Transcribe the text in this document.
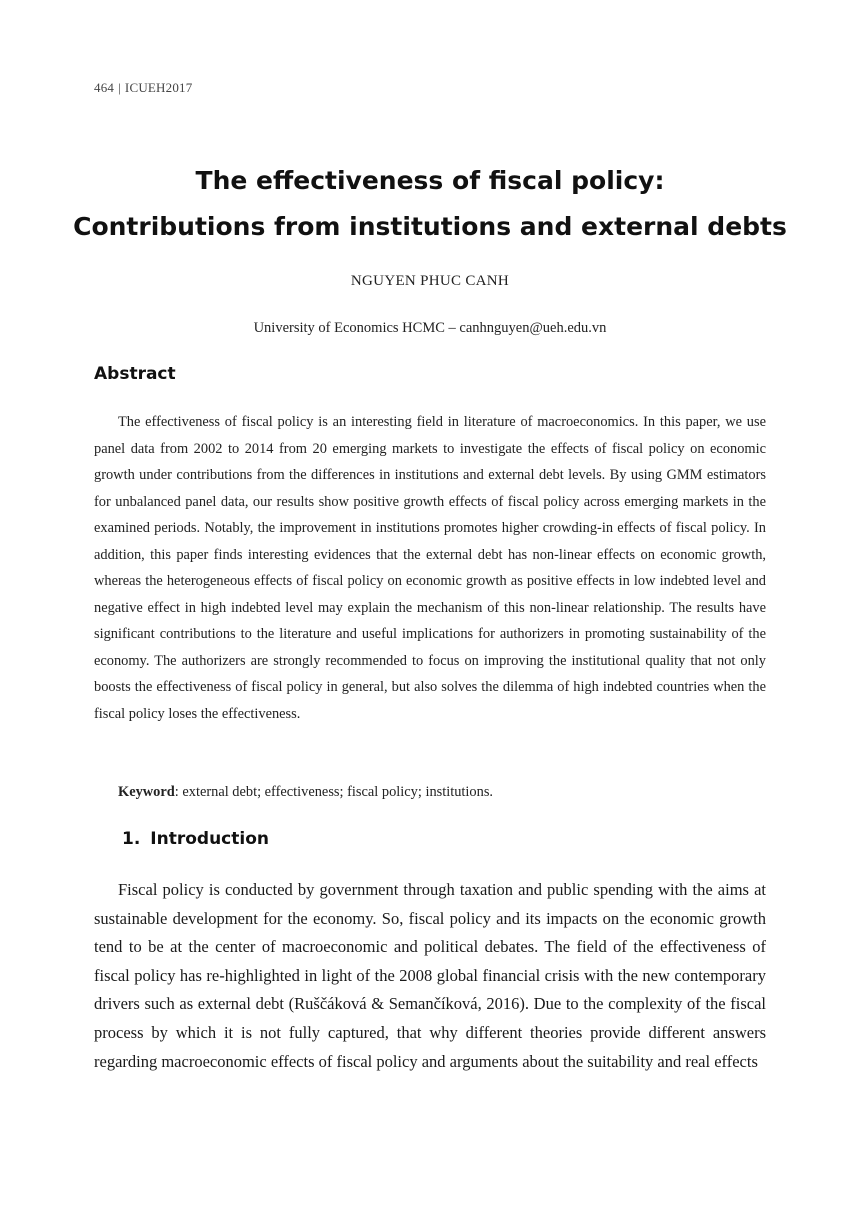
464 | ICUEH2017
The effectiveness of fiscal policy:
Contributions from institutions and external debts
NGUYEN PHUC CANH
University of Economics HCMC – canhnguyen@ueh.edu.vn
Abstract
The effectiveness of fiscal policy is an interesting field in literature of macroeconomics. In this paper, we use panel data from 2002 to 2014 from 20 emerging markets to investigate the effects of fiscal policy on economic growth under contributions from the differences in institutions and external debt levels. By using GMM estimators for unbalanced panel data, our results show positive growth effects of fiscal policy across emerging markets in the examined periods. Notably, the improvement in institutions promotes higher crowding-in effects of fiscal policy. In addition, this paper finds interesting evidences that the external debt has non-linear effects on economic growth, whereas the heterogeneous effects of fiscal policy on economic growth as positive effects in low indebted level and negative effect in high indebted level may explain the mechanism of this non-linear relationship. The results have significant contributions to the literature and useful implications for authorizers in promoting sustainability of the economy. The authorizers are strongly recommended to focus on improving the institutional quality that not only boosts the effectiveness of fiscal policy in general, but also solves the dilemma of high indebted countries when the fiscal policy loses the effectiveness.
Keyword: external debt; effectiveness; fiscal policy; institutions.
1. Introduction
Fiscal policy is conducted by government through taxation and public spending with the aims at sustainable development for the economy. So, fiscal policy and its impacts on the economic growth tend to be at the center of macroeconomic and political debates. The field of the effectiveness of fiscal policy has re-highlighted in light of the 2008 global financial crisis with the new contemporary drivers such as external debt (Ruščáková & Semančíková, 2016). Due to the complexity of the fiscal process by which it is not fully captured, that why different theories provide different answers regarding macroeconomic effects of fiscal policy and arguments about the suitability and real effects
